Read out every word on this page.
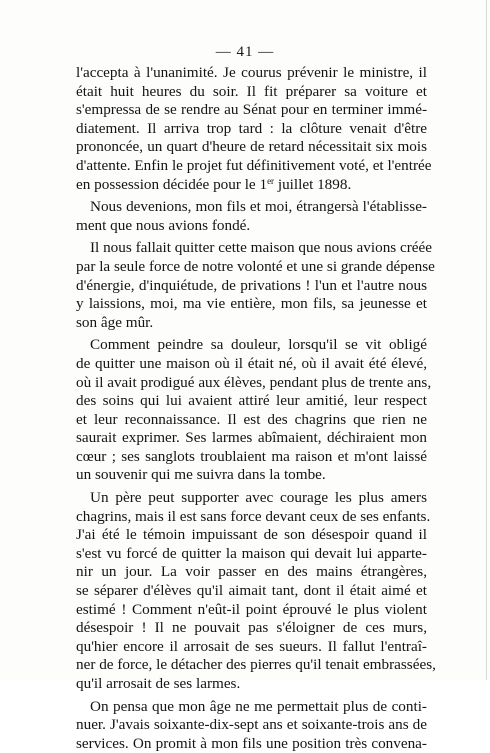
— 41 —
l'accepta à l'unanimité. Je courus prévenir le ministre, il
était huit heures du soir. Il fit préparer sa voiture et
s'empressa de se rendre au Sénat pour en terminer immé-
diatement. Il arriva trop tard : la clôture venait d'être
prononcée, un quart d'heure de retard nécessitait six mois
d'attente. Enfin le projet fut définitivement voté, et l'entrée
en possession décidée pour le 1er juillet 1898.
Nous devenions, mon fils et moi, étrangersà l'établisse-
ment que nous avions fondé.
Il nous fallait quitter cette maison que nous avions créée
par la seule force de notre volonté et une si grande dépense
d'énergie, d'inquiétude, de privations ! l'un et l'autre nous
y laissions, moi, ma vie entière, mon fils, sa jeunesse et
son âge mûr.
Comment peindre sa douleur, lorsqu'il se vit obligé
de quitter une maison où il était né, où il avait été élevé,
où il avait prodigué aux élèves, pendant plus de trente ans,
des soins qui lui avaient attiré leur amitié, leur respect
et leur reconnaissance. Il est des chagrins que rien ne
saurait exprimer. Ses larmes abîmaient, déchiraient mon
cœur ; ses sanglots troublaient ma raison et m'ont laissé
un souvenir qui me suivra dans la tombe.
Un père peut supporter avec courage les plus amers
chagrins, mais il est sans force devant ceux de ses enfants.
J'ai été le témoin impuissant de son désespoir quand il
s'est vu forcé de quitter la maison qui devait lui apparte-
nir un jour. La voir passer en des mains étrangères,
se séparer d'élèves qu'il aimait tant, dont il était aimé et
estimé ! Comment n'eût-il point éprouvé le plus violent
désespoir ! Il ne pouvait pas s'éloigner de ces murs,
qu'hier encore il arrosait de ses sueurs. Il fallut l'entraî-
ner de force, le détacher des pierres qu'il tenait embrassées,
qu'il arrosait de ses larmes.
On pensa que mon âge ne me permettait plus de conti-
nuer. J'avais soixante-dix-sept ans et soixante-trois ans de
services. On promit à mon fils une position très convena-
